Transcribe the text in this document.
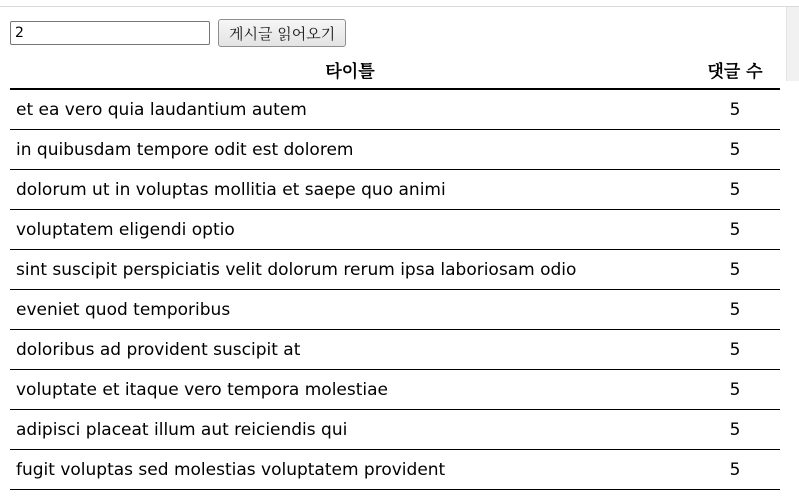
2
게시글 읽어오기
타이틀	댓글 수
et ea vero quia laudantium autem	5
in quibusdam tempore odit est dolorem	5
dolorum ut in voluptas mollitia et saepe quo animi	5
voluptatem eligendi optio	5
sint suscipit perspiciatis velit dolorum rerum ipsa laboriosam odio	5
eveniet quod temporibus	5
doloribus ad provident suscipit at	5
voluptate et itaque vero tempora molestiae	5
adipisci placeat illum aut reiciendis qui	5
fugit voluptas sed molestias voluptatem provident	5
